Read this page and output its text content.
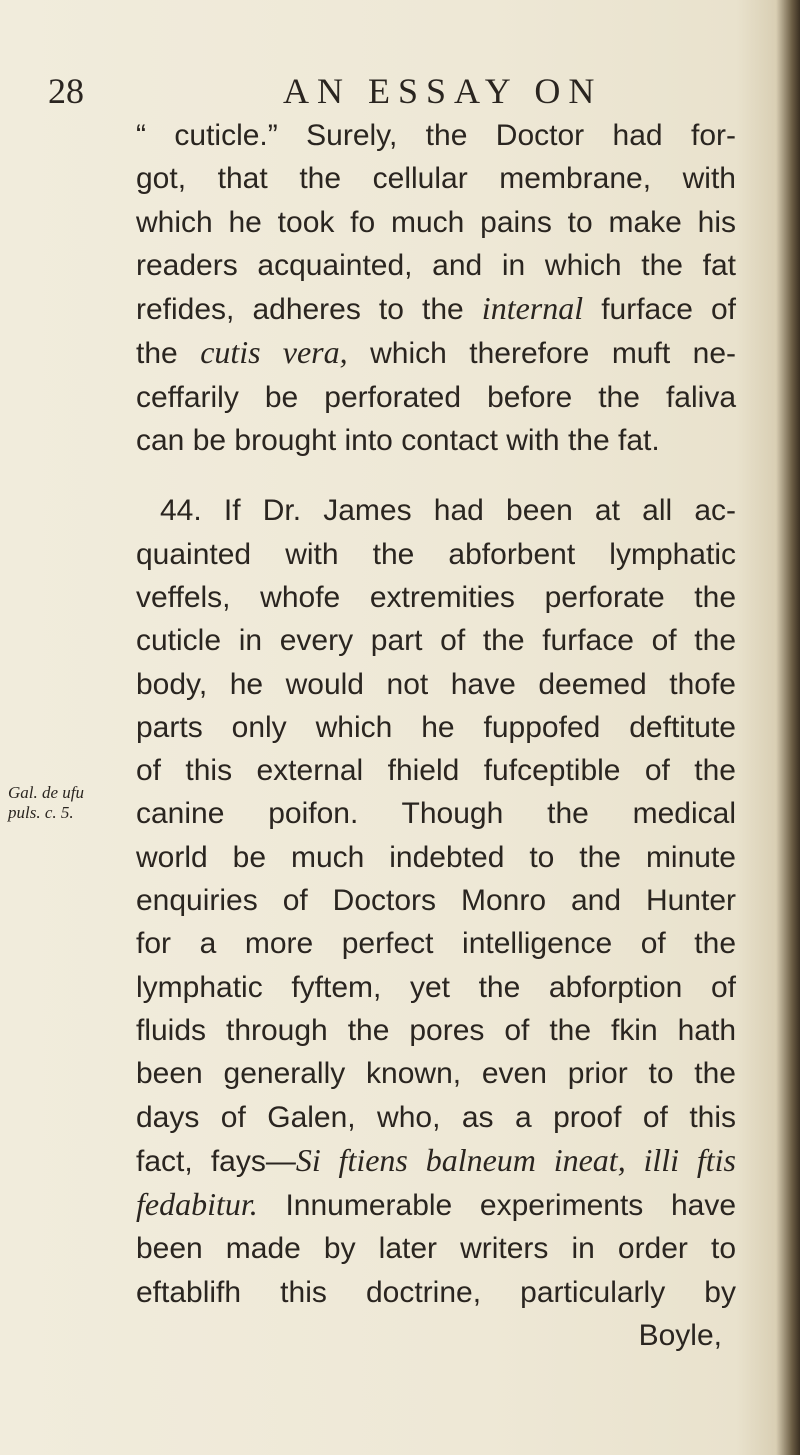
28	AN ESSAY ON
Gal. de ufu
puls. c. 5.
“ cuticle.” Surely, the Doctor had for-
got, that the cellular membrane, with
which he took fo much pains to make his
readers acquainted, and in which the fat
refides, adheres to the internal furface of
the cutis vera, which therefore muft ne-
ceffarily be perforated before the faliva
can be brought into contact with the fat.
44. If Dr. James had been at all ac-
quainted with the abforbent lymphatic
veffels, whofe extremities perforate the
cuticle in every part of the furface of the
body, he would not have deemed thofe
parts only which he fuppofed deftitute
of this external fhield fufceptible of the
canine poifon. Though the medical
world be much indebted to the minute
enquiries of Doctors Monro and Hunter
for a more perfect intelligence of the
lymphatic fyftem, yet the abforption of
fluids through the pores of the fkin hath
been generally known, even prior to the
days of Galen, who, as a proof of this
fact, fays—Si ftiens balneum ineat, illi ftis
fedabitur. Innumerable experiments have
been made by later writers in order to
eftablifh this doctrine, particularly by
Boyle,
